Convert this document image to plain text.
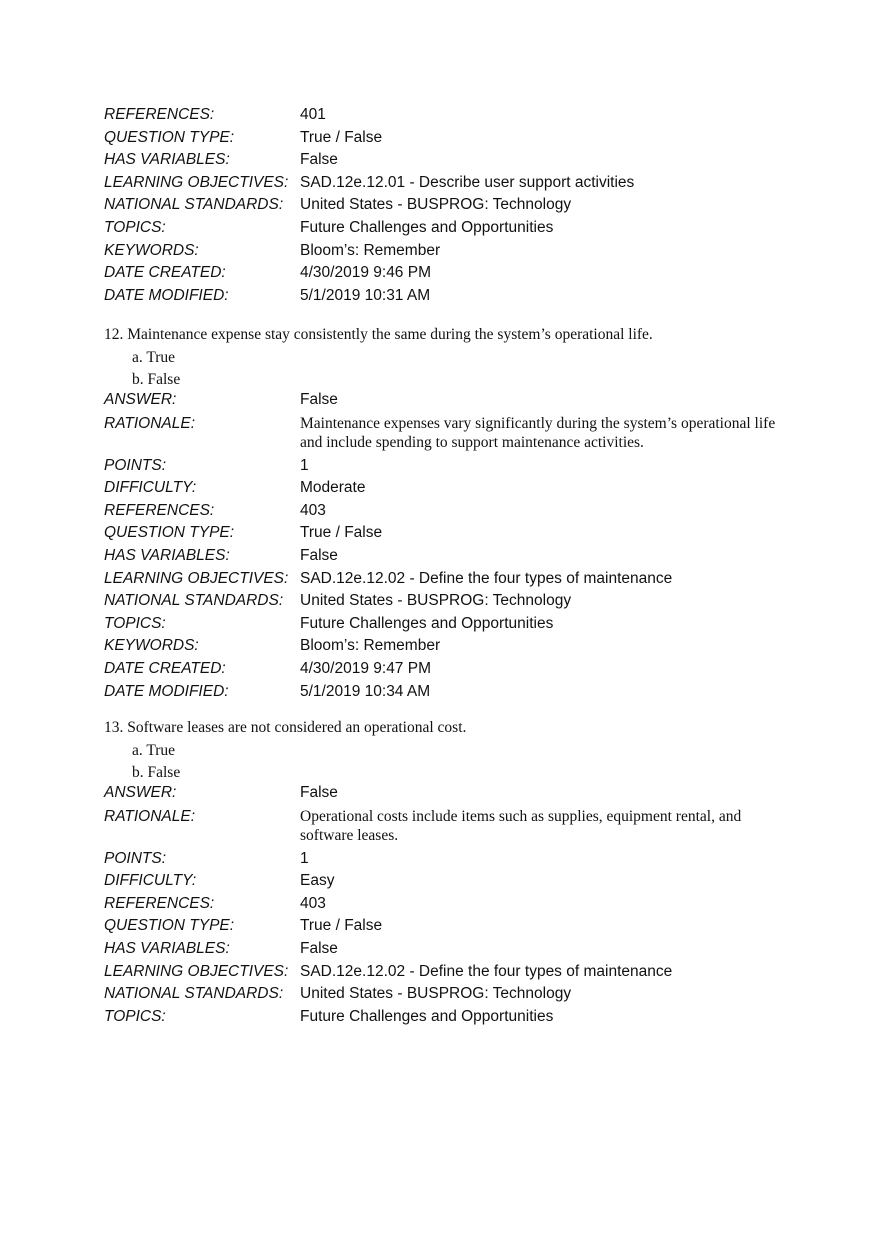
REFERENCES:	401
QUESTION TYPE:	True / False
HAS VARIABLES:	False
LEARNING OBJECTIVES: SAD.12e.12.01 - Describe user support activities
NATIONAL STANDARDS:	United States - BUSPROG: Technology
TOPICS:	Future Challenges and Opportunities
KEYWORDS:	Bloom’s: Remember
DATE CREATED:	4/30/2019 9:46 PM
DATE MODIFIED:	5/1/2019 10:31 AM
12. Maintenance expense stay consistently the same during the system’s operational life.
a. True
b. False
ANSWER:	False
RATIONALE:	Maintenance expenses vary significantly during the system’s operational life and include spending to support maintenance activities.
POINTS:	1
DIFFICULTY:	Moderate
REFERENCES:	403
QUESTION TYPE:	True / False
HAS VARIABLES:	False
LEARNING OBJECTIVES: SAD.12e.12.02 - Define the four types of maintenance
NATIONAL STANDARDS:	United States - BUSPROG: Technology
TOPICS:	Future Challenges and Opportunities
KEYWORDS:	Bloom’s: Remember
DATE CREATED:	4/30/2019 9:47 PM
DATE MODIFIED:	5/1/2019 10:34 AM
13. Software leases are not considered an operational cost.
a. True
b. False
ANSWER:	False
RATIONALE:	Operational costs include items such as supplies, equipment rental, and software leases.
POINTS:	1
DIFFICULTY:	Easy
REFERENCES:	403
QUESTION TYPE:	True / False
HAS VARIABLES:	False
LEARNING OBJECTIVES: SAD.12e.12.02 - Define the four types of maintenance
NATIONAL STANDARDS:	United States - BUSPROG: Technology
TOPICS:	Future Challenges and Opportunities
